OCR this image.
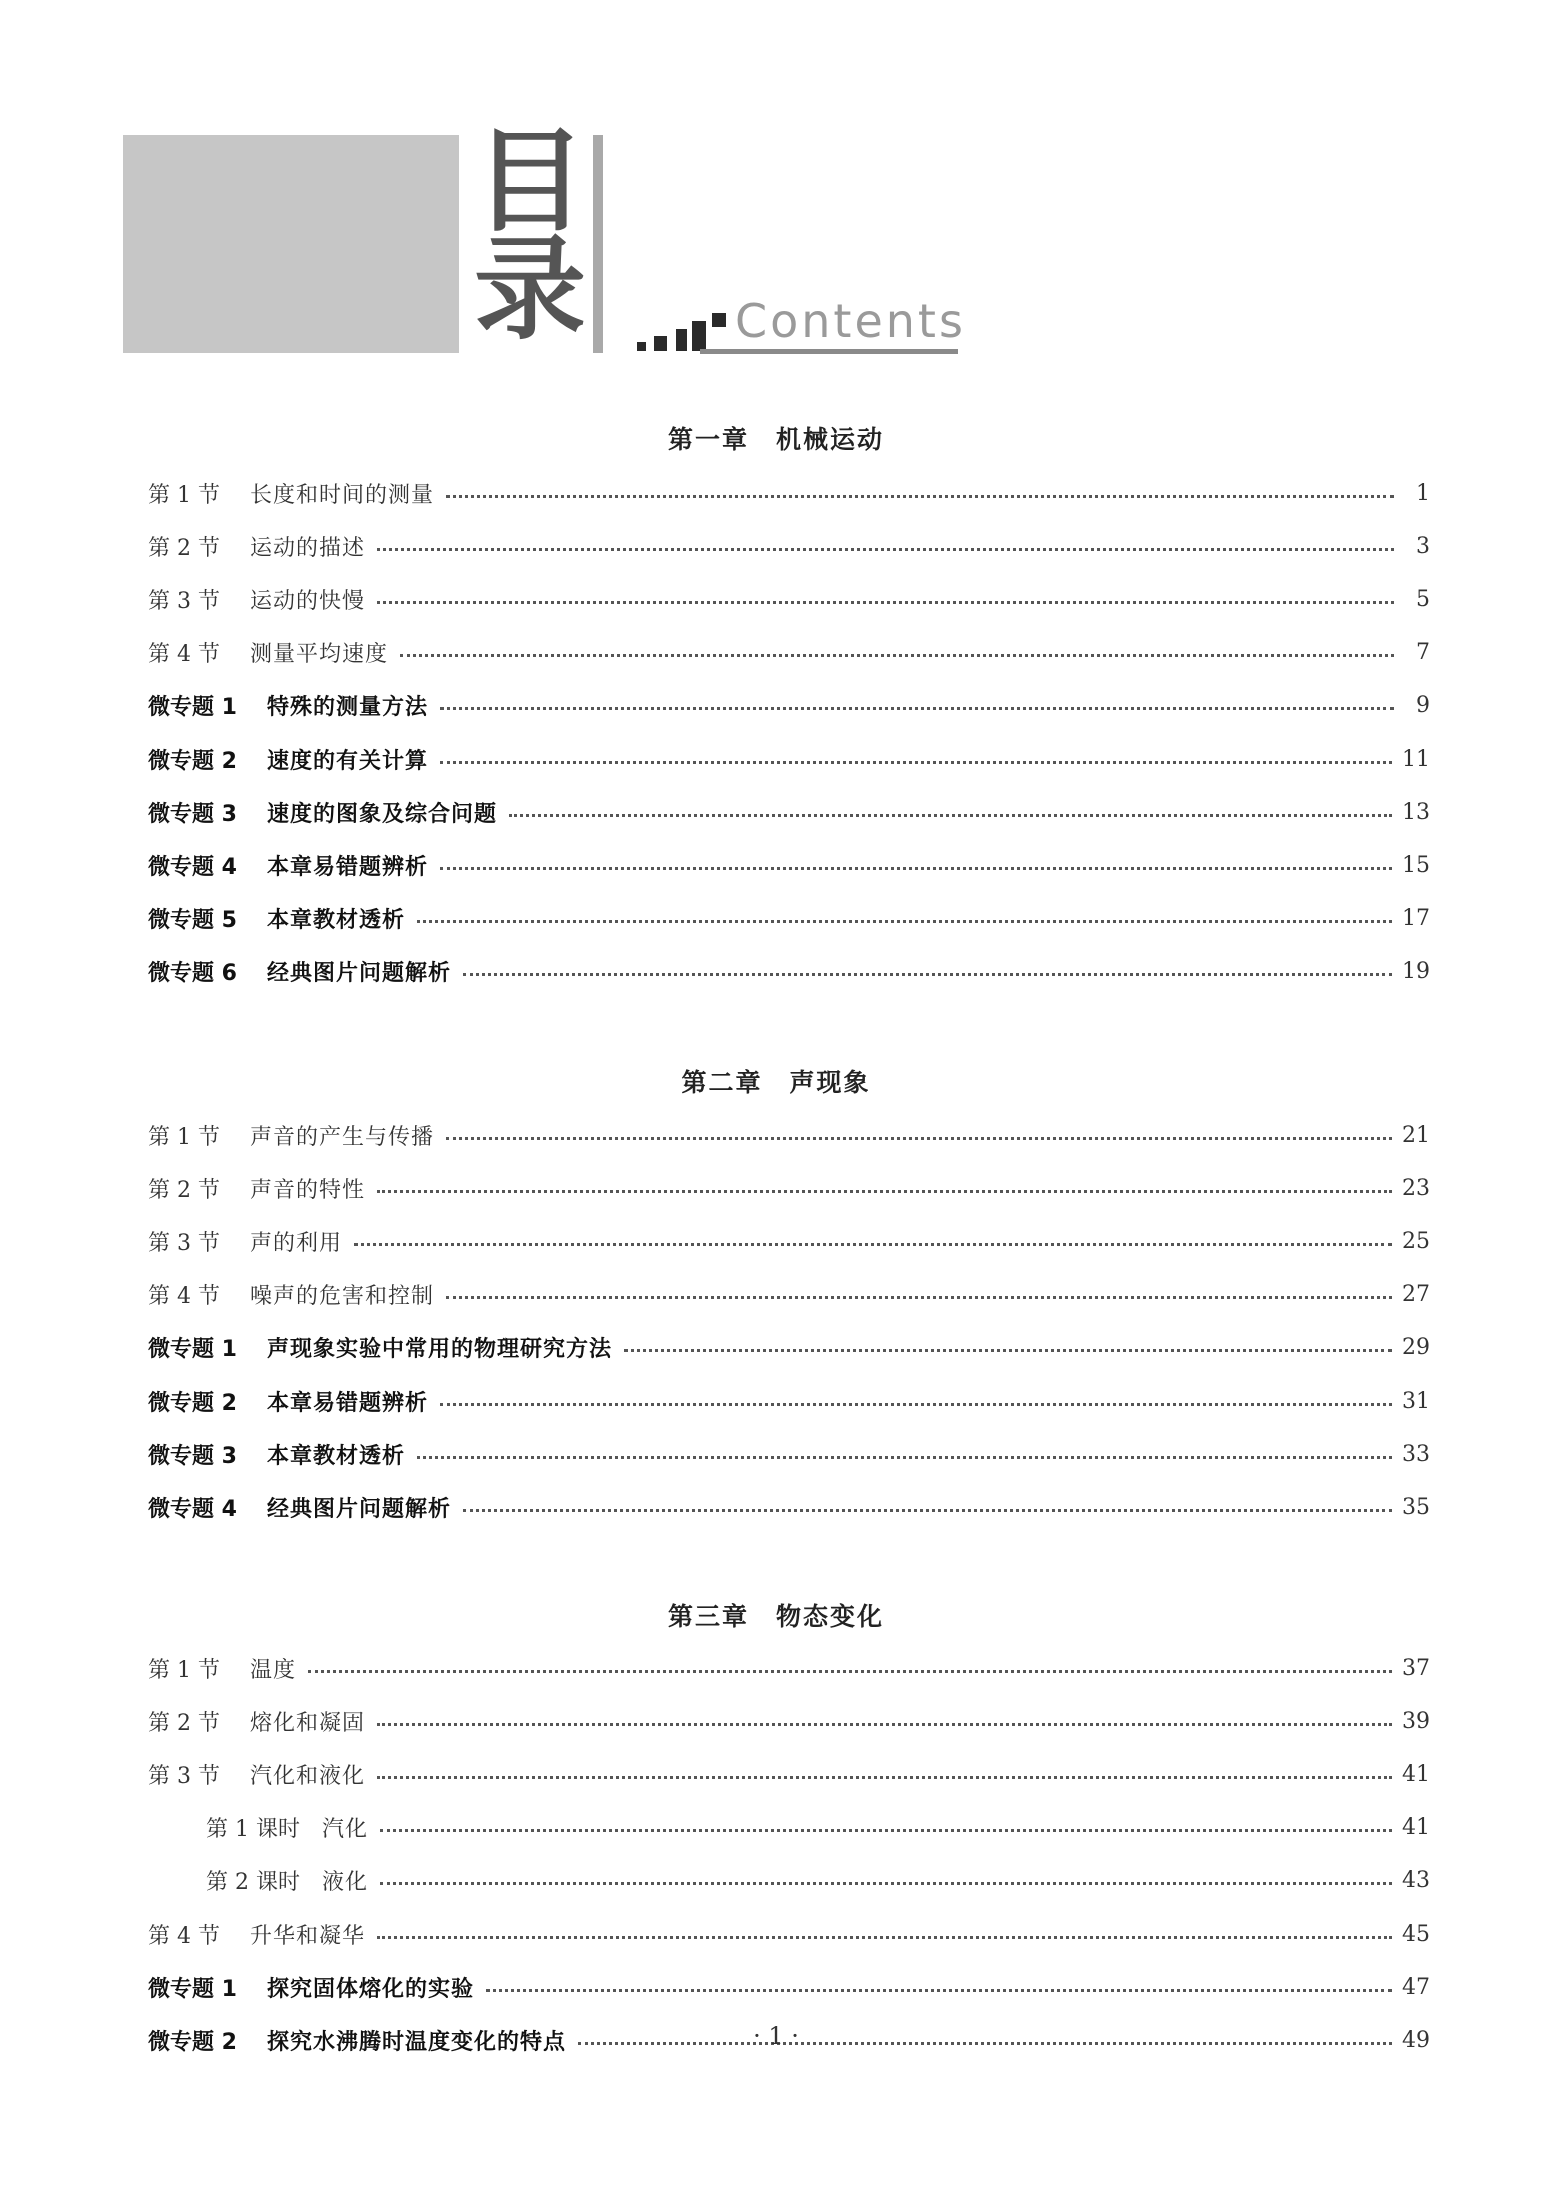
目录	Contents
第一章　机械运动
第 1 节 长度和时间的测量	1
第 2 节 运动的描述	3
第 3 节 运动的快慢	5
第 4 节 测量平均速度	7
微专题 1 特殊的测量方法	9
微专题 2 速度的有关计算	11
微专题 3 速度的图象及综合问题	13
微专题 4 本章易错题辨析	15
微专题 5 本章教材透析	17
微专题 6 经典图片问题解析	19
第二章　声现象
第 1 节 声音的产生与传播	21
第 2 节 声音的特性	23
第 3 节 声的利用	25
第 4 节 噪声的危害和控制	27
微专题 1 声现象实验中常用的物理研究方法	29
微专题 2 本章易错题辨析	31
微专题 3 本章教材透析	33
微专题 4 经典图片问题解析	35
第三章　物态变化
第 1 节 温度	37
第 2 节 熔化和凝固	39
第 3 节 汽化和液化	41
第 1 课时 汽化	41
第 2 课时 液化	43
第 4 节 升华和凝华	45
微专题 1 探究固体熔化的实验	47
微专题 2 探究水沸腾时温度变化的特点	49
· 1 ·
